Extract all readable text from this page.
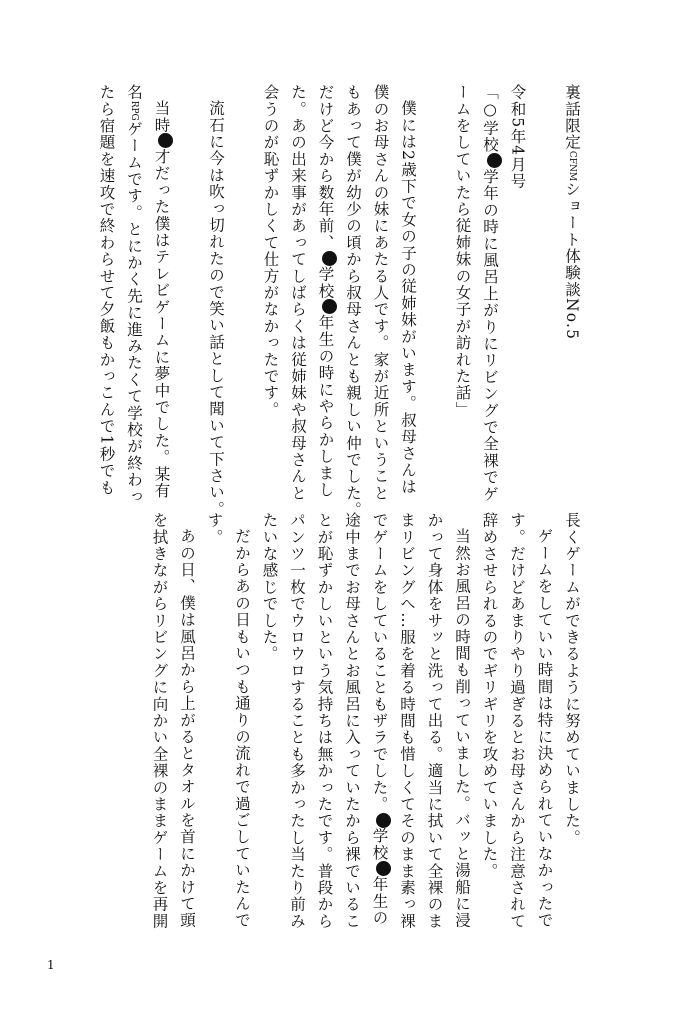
裏話限定CFNMショート体験談No.5
令和5年4月号
「○学校学年の時に風呂上がりにリビングで全裸でゲ
ームをしていたら従姉妹の女子が訪れた話」
僕には2歳下で女の子の従姉妹がいます。叔母さんは
僕のお母さんの妹にあたる人です。家が近所ということ
もあって僕が幼少の頃から叔母さんとも親しい仲でした。
だけど今から数年前、学校年生の時にやらかしまし
た。あの出来事があってしばらくは従姉妹や叔母さんと
会うのが恥ずかしくて仕方がなかったです。
流石に今は吹っ切れたので笑い話として聞いて下さい。
当時才だった僕はテレビゲームに夢中でした。某有
名RPGゲームです。とにかく先に進みたくて学校が終わっ
たら宿題を速攻で終わらせて夕飯もかっこんで1秒でも
長くゲームができるように努めていました。
ゲームをしていい時間は特に決められていなかったで
す。だけどあまりやり過ぎるとお母さんから注意されて
辞めさせられるのでギリギリを攻めていました。
当然お風呂の時間も削っていました。バッと湯船に浸
かって身体をサッと洗って出る。適当に拭いて全裸のま
まリビングへ…服を着る時間も惜しくてそのまま素っ裸
でゲームをしていることもザラでした。学校年生の
途中までお母さんとお風呂に入っていたから裸でいるこ
とが恥ずかしいという気持ちは無かったです。普段から
パンツ一枚でウロウロすることも多かったし当たり前み
たいな感じでした。
だからあの日もいつも通りの流れで過ごしていたんで
す。
あの日、僕は風呂から上がるとタオルを首にかけて頭
を拭きながらリビングに向かい全裸のままゲームを再開
1
